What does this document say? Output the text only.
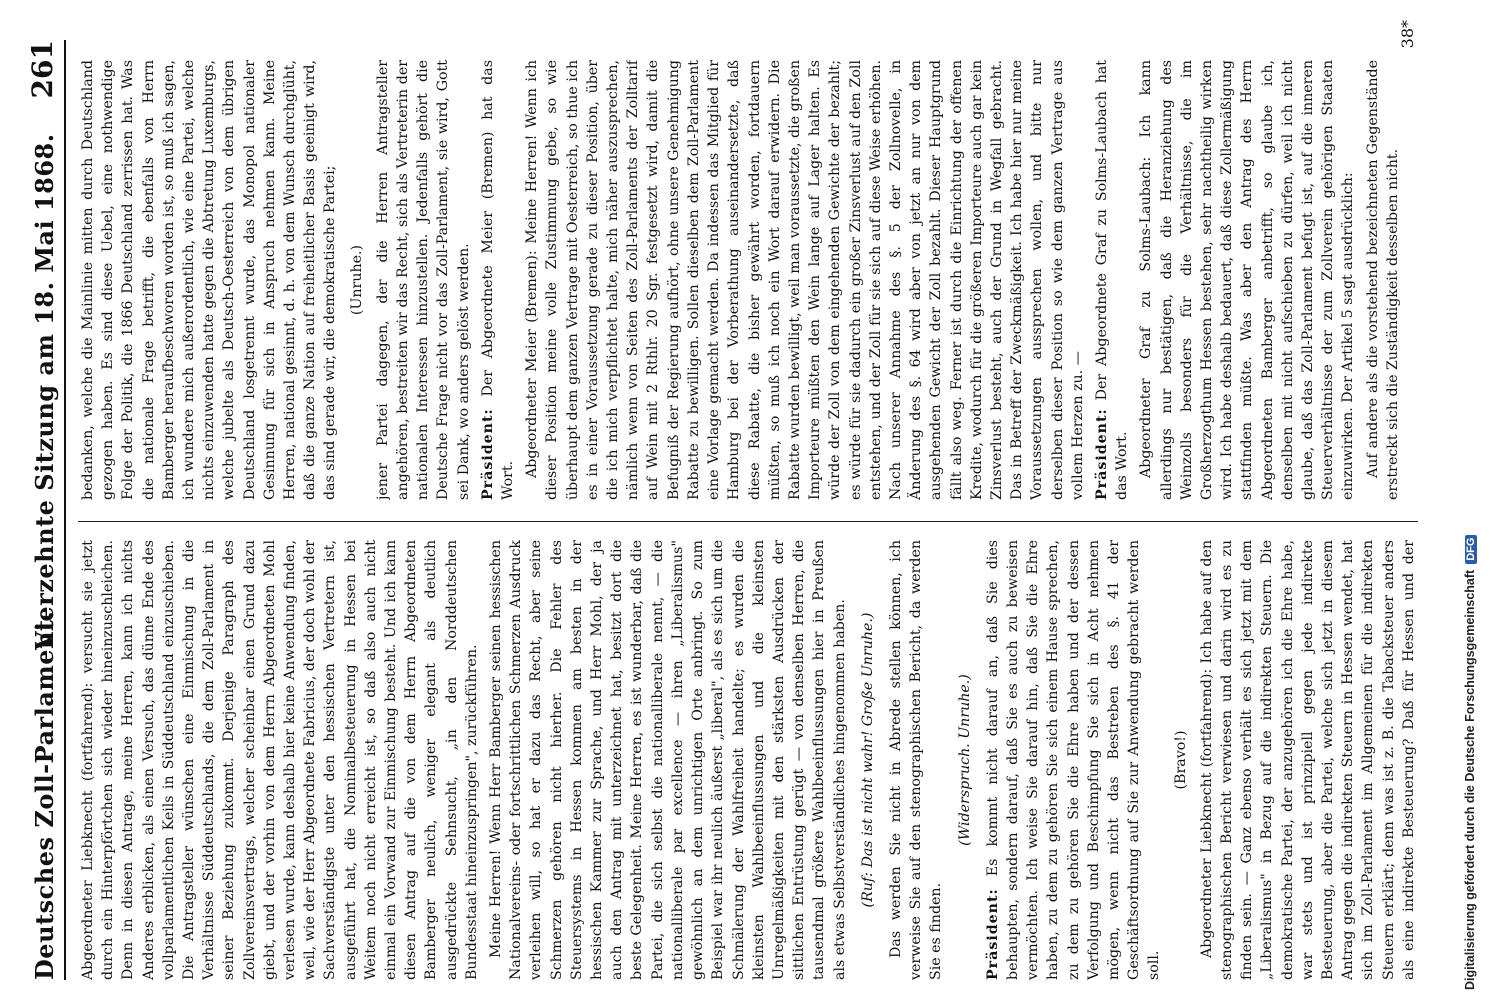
Deutsches Zoll-Parlament.
Vierzehnte Sitzung am 18. Mai 1868.
261

Abgeordneter Liebknecht (fortfahrend): versucht sie jetzt durch ein Hinterpförtchen sich wieder hineinzuschleichen. Denn in diesen Antrage, meine Herren, kann ich nichts Anderes erblicken, als einen Versuch, das dünne Ende des vollparlamentlichen Keils in Süddeutschland einzuschieben. Die Antragsteller wünschen eine Einmischung in die Verhältnisse Süddeutschlands, die dem Zoll-Parlament in seiner Beziehung zukommt. Derjenige Paragraph des Zollvereinsvertrags, welcher scheinbar einen Grund dazu giebt, und der vorhin von dem Herrn Abgeordneten Mohl verlesen wurde, kann deshalb hier keine Anwendung finden, weil, wie der Herr Abgeordnete Fabricius, der doch wohl der Sachverständigste unter den hessischen Vertretern ist, ausgeführt hat, die Nominalbesteuerung in Hessen bei Weitem noch nicht erreicht ist, so daß also auch nicht einmal ein Vorwand zur Einmischung besteht. Und ich kann diesen Antrag auf die von dem Herrn Abgeordneten Bamberger neulich, weniger elegant als deutlich ausgedrückte Sehnsucht, „in den Norddeutschen Bundesstaat hineinzuspringen", zurückführen. Meine Herren! Wenn Herr Bamberger seinen hessischen Nationalvereins- oder fortschrittlichen Schmerzen Ausdruck verleihen will, so hat er dazu das Recht, aber seine Schmerzen gehören nicht hierher. Die Fehler des Steuersystems in Hessen kommen am besten in der hessischen Kammer zur Sprache, und Herr Mohl, der ja auch den Antrag mit unterzeichnet hat, besitzt dort die beste Gelegenheit. Meine Herren, es ist wunderbar, daß die Partei, die sich selbst die nationalliberale nennt, — die nationalliberale par excellence — ihren „Liberalismus" gewöhnlich an dem unrichtigen Orte anbringt. So zum Beispiel war ihr neulich äußerst „liberal", als es sich um die Schmälerung der Wahlfreiheit handelte; es wurden die kleinsten Wahlbeeinflussungen und die kleinsten Unregelmäßigkeiten mit den stärksten Ausdrücken der sittlichen Entrüstung gerügt — von denselben Herren, die tausendmal größere Wahlbeeinflussungen hier in Preußen als etwas Selbstverständliches hingenommen haben. (Ruf: Das ist nicht wahr! Große Unruhe.) Das werden Sie nicht in Abrede stellen können, ich verweise Sie auf den stenographischen Bericht, da werden Sie es finden.

(Widerspruch. Unruhe.)

Präsident: Es kommt nicht darauf an, daß Sie dies behaupten, sondern darauf, daß Sie es auch zu beweisen vermöchten. Ich weise Sie darauf hin, daß Sie die Ehre haben, zu dem zu gehören Sie sich einem Hause sprechen, zu dem zu gehören Sie die Ehre haben und der dessen Verfolgung und Beschimpfung Sie sich in Acht nehmen mögen, wenn nicht das Bestreben des §. 41 der Geschäftsordnung auf Sie zur Anwendung gebracht werden soll.

(Bravo!)

Abgeordneter Liebknecht (fortfahrend): Ich habe auf den stenographischen Bericht verwiesen und darin wird es zu finden sein. — Ganz ebenso verhält es sich jetzt mit dem „Liberalismus" in Bezug auf die indirekten Steuern. Die demokratische Partei, der anzugehören ich die Ehre habe, war stets und ist prinzipiell gegen jede indirekte Besteuerung, aber die Partei, welche sich jetzt in diesem Antrag gegen die indirekten Steuern in Hessen wendet, hat sich im Zoll-Parlament im Allgemeinen für die indirekten Steuern erklärt; denn was ist z. B. die Tabacksteuer anders als eine indirekte Besteuerung? Daß für Hessen und der

bedanken, welche die Mainlinie mitten durch Deutschland gezogen haben. Es sind diese Uebel, eine nothwendige Folge der Politik, die 1866 Deutschland zerrissen hat. Was die nationale Frage betrifft, die ebenfalls von Herrn Bamberger heraufbeschworen worden ist, so muß ich sagen, ich wundere mich außerordentlich, wie eine Partei, welche nichts einzuwenden hatte gegen die Abtretung Luxemburgs, welche jubelte als Deutsch-Oesterreich von dem übrigen Deutschland losgetrennt wurde, das Monopol nationaler Gesinnung für sich in Anspruch nehmen kann. Meine Herren, national gesinnt, d. h. von dem Wunsch durchglüht, daß die ganze Nation auf freiheitlicher Basis geeinigt wird, das sind gerade wir, die demokratische Partei; (Unruhe.) jener Partei dagegen, der die Herren Antragsteller angehören, bestreiten wir das Recht, sich als Vertreterin der nationalen Interessen hinzustellen. Jedenfalls gehört die Deutsche Frage nicht vor das Zoll-Parlament, sie wird, Gott sei Dank, wo anders gelöst werden. Präsident: Der Abgeordnete Meier (Bremen) hat das Wort.

Abgeordneter Meier (Bremen): Meine Herren! Wenn ich dieser Position meine volle Zustimmung gebe, so wie überhaupt dem ganzen Vertrage mit Oesterreich, so thue ich es in einer Voraussetzung gerade zu dieser Position, über die ich mich verpflichtet halte, mich näher auszusprechen, nämlich wenn von Seiten des Zoll-Parlaments der Zolltarif auf Wein mit 2 Rthlr. 20 Sgr. festgesetzt wird, damit die Befugniß der Regierung aufhört, ohne unsere Genehmigung Rabatte zu bewilligen. Sollen dieselben dem Zoll-Parlament eine Vorlage gemacht werden. Da indessen das Mitglied für Hamburg bei der Vorberathung auseinandersetzte, daß diese Rabatte, die bisher gewährt worden, fortdauern müßten, so muß ich noch ein Wort darauf erwidern. Die Rabatte wurden bewilligt, weil man voraussetzte, die großen Importeure müßten den Wein lange auf Lager halten. Es würde der Zoll von dem eingehenden Gewichte der bezahlt; es würde für sie dadurch ein großer Zinsverlust auf den Zoll entstehen, und der Zoll für sie sich auf diese Weise erhöhen. Nach unserer Annahme des §. 5 der Zollnovelle, in Änderung des §. 64 wird aber von jetzt an nur von dem ausgehenden Gewicht der Zoll bezahlt. Dieser Hauptgrund fällt also weg. Ferner ist durch die Einrichtung der offenen Kredite, wodurch für die größeren Importeure auch gar kein Zinsverlust besteht, auch der Grund in Wegfall gebracht. Das in Betreff der Zweckmäßigkeit. Ich habe hier nur meine Voraussetzungen aussprechen wollen, und bitte nur derselben dieser Position so wie dem ganzen Vertrage aus vollem Herzen zu. — Präsident: Der Abgeordnete Graf zu Solms-Laubach hat das Wort. Abgeordneter Graf zu Solms-Laubach: Ich kann allerdings nur bestätigen, daß die Heranziehung des Weinzolls besonders für die Verhältnisse, die im Großherzogthum Hessen bestehen, sehr nachtheilig wirken wird. Ich habe deshalb bedauert, daß diese Zollermäßigung stattfinden müßte. Was aber den Antrag des Herrn Abgeordneten Bamberger anbetrifft, so glaube ich, denselben mit nicht aufschieben zu dürfen, weil ich nicht glaube, daß das Zoll-Parlament befugt ist, auf die inneren Steuerverhältnisse der zum Zollverein gehörigen Staaten einzuwirken. Der Artikel 5 sagt ausdrücklich: Auf andere als die vorstehend bezeichneten Gegenstände erstreckt sich die Zuständigkeit desselben nicht.

38*
Digitalisierung gefördert durch die Deutsche ForschungsgemeinschaftDFG
